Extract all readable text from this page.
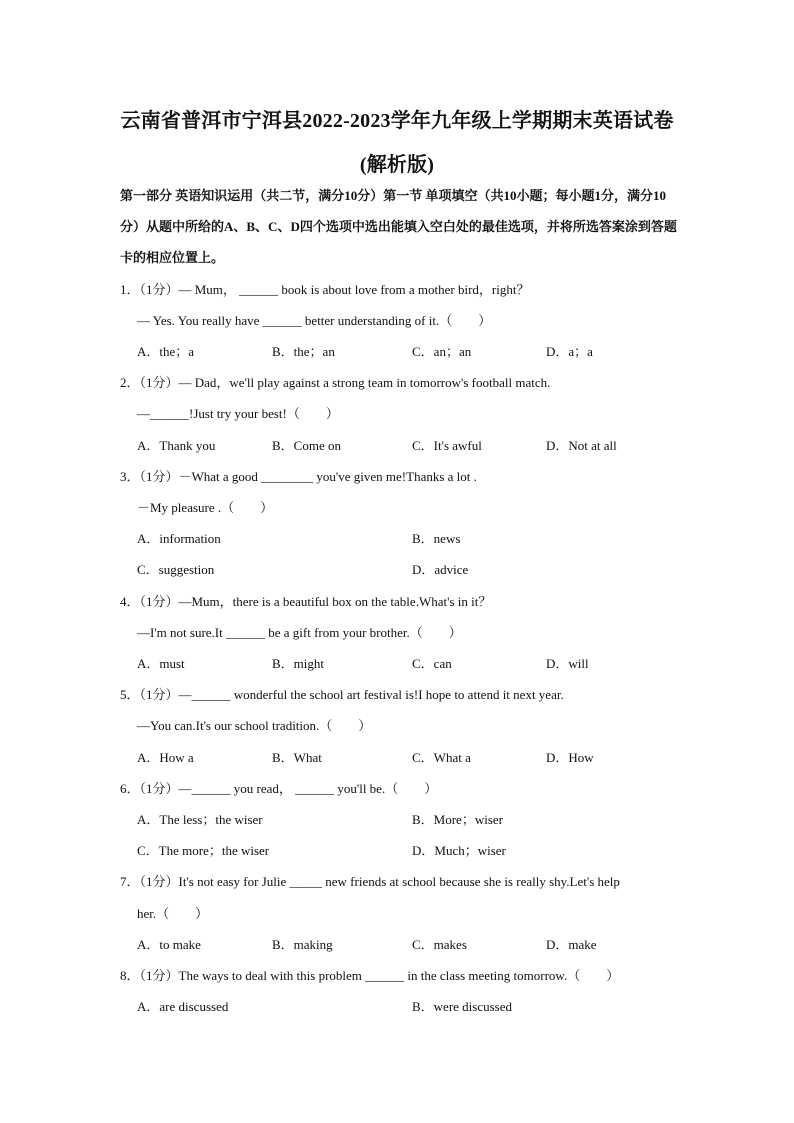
云南省普洱市宁洱县2022-2023学年九年级上学期期末英语试卷
(解析版)
第一部分 英语知识运用（共二节，满分10分）第一节 单项填空（共10小题；每小题1分，满分10分）从题中所给的A、B、C、D四个选项中选出能填入空白处的最佳选项，并将所选答案涂到答题卡的相应位置上。
1．（1分）— Mum， ______ book is about love from a mother bird，right？
— Yes. You really have ______ better understanding of it.（　　）
A．the；a	B．the；an	C．an；an	D．a；a
2．（1分）— Dad，we'll play against a strong team in tomorrow's football match.
—______!Just try your best!（　　）
A．Thank you	B．Come on	C．It's awful	D．Not at all
3．（1分）－What a good ________ you've given me!Thanks a lot .
－My pleasure .（　　）
A．information	B．news
C．suggestion	D．advice
4．（1分）—Mum，there is a beautiful box on the table.What's in it？
—I'm not sure.It ______ be a gift from your brother.（　　）
A．must	B．might	C．can	D．will
5．（1分）—______ wonderful the school art festival is!I hope to attend it next year.
—You can.It's our school tradition.（　　）
A．How a	B．What	C．What a	D．How
6．（1分）—______ you read， ______ you'll be.（　　）
A．The less；the wiser	B．More；wiser
C．The more；the wiser	D．Much；wiser
7．（1分）It's not easy for Julie _____ new friends at school because she is really shy.Let's help
her.（　　）
A．to make	B．making	C．makes	D．make
8．（1分）The ways to deal with this problem ______ in the class meeting tomorrow.（　　）
A．are discussed	B．were discussed
